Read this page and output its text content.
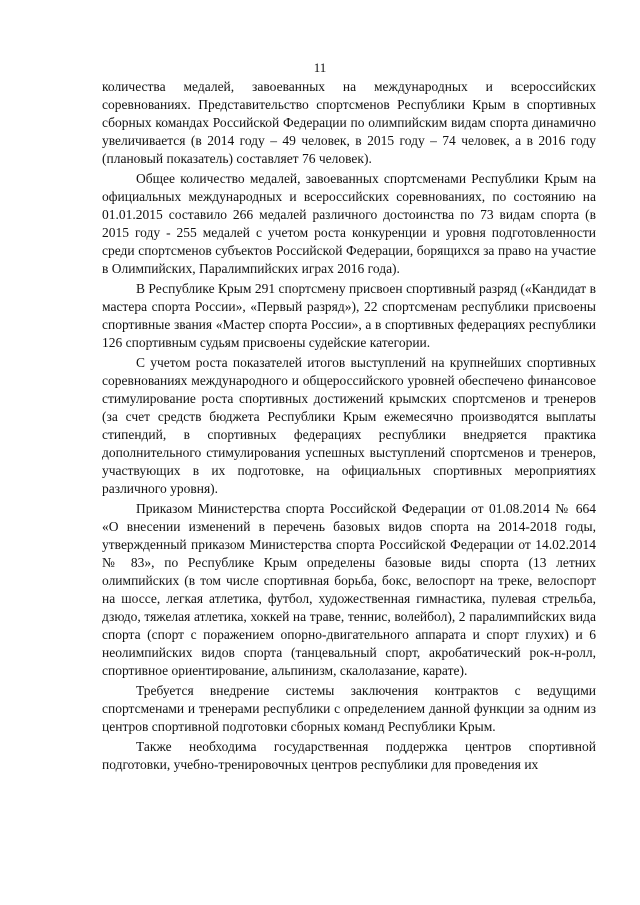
11

количества медалей, завоеванных на международных и всероссийских соревнованиях. Представительство спортсменов Республики Крым в спортивных сборных командах Российской Федерации по олимпийским видам спорта динамично увеличивается (в 2014 году – 49 человек, в 2015 году – 74 человек, а в 2016 году (плановый показатель) составляет 76 человек).

Общее количество медалей, завоеванных спортсменами Республики Крым на официальных международных и всероссийских соревнованиях, по состоянию на 01.01.2015 составило 266 медалей различного достоинства по 73 видам спорта (в 2015 году - 255 медалей с учетом роста конкуренции и уровня подготовленности среди спортсменов субъектов Российской Федерации, борящихся за право на участие в Олимпийских, Паралимпийских играх 2016 года).

В Республике Крым 291 спортсмену присвоен спортивный разряд («Кандидат в мастера спорта России», «Первый разряд»), 22 спортсменам республики присвоены спортивные звания «Мастер спорта России», а в спортивных федерациях республики 126 спортивным судьям присвоены судейские категории.

С учетом роста показателей итогов выступлений на крупнейших спортивных соревнованиях международного и общероссийского уровней обеспечено финансовое стимулирование роста спортивных достижений крымских спортсменов и тренеров (за счет средств бюджета Республики Крым ежемесячно производятся выплаты стипендий, в спортивных федерациях республики внедряется практика дополнительного стимулирования успешных выступлений спортсменов и тренеров, участвующих в их подготовке, на официальных спортивных мероприятиях различного уровня).

Приказом Министерства спорта Российской Федерации от 01.08.2014 № 664 «О внесении изменений в перечень базовых видов спорта на 2014-2018 годы, утвержденный приказом Министерства спорта Российской Федерации от 14.02.2014 № 83», по Республике Крым определены базовые виды спорта (13 летних олимпийских (в том числе спортивная борьба, бокс, велоспорт на треке, велоспорт на шоссе, легкая атлетика, футбол, художественная гимнастика, пулевая стрельба, дзюдо, тяжелая атлетика, хоккей на траве, теннис, волейбол), 2 паралимпийских вида спорта (спорт с поражением опорно-двигательного аппарата и спорт глухих) и 6 неолимпийских видов спорта (танцевальный спорт, акробатический рок-н-ролл, спортивное ориентирование, альпинизм, скалолазание, карате).

Требуется внедрение системы заключения контрактов с ведущими спортсменами и тренерами республики с определением данной функции за одним из центров спортивной подготовки сборных команд Республики Крым.

Также необходима государственная поддержка центров спортивной подготовки, учебно-тренировочных центров республики для проведения их
